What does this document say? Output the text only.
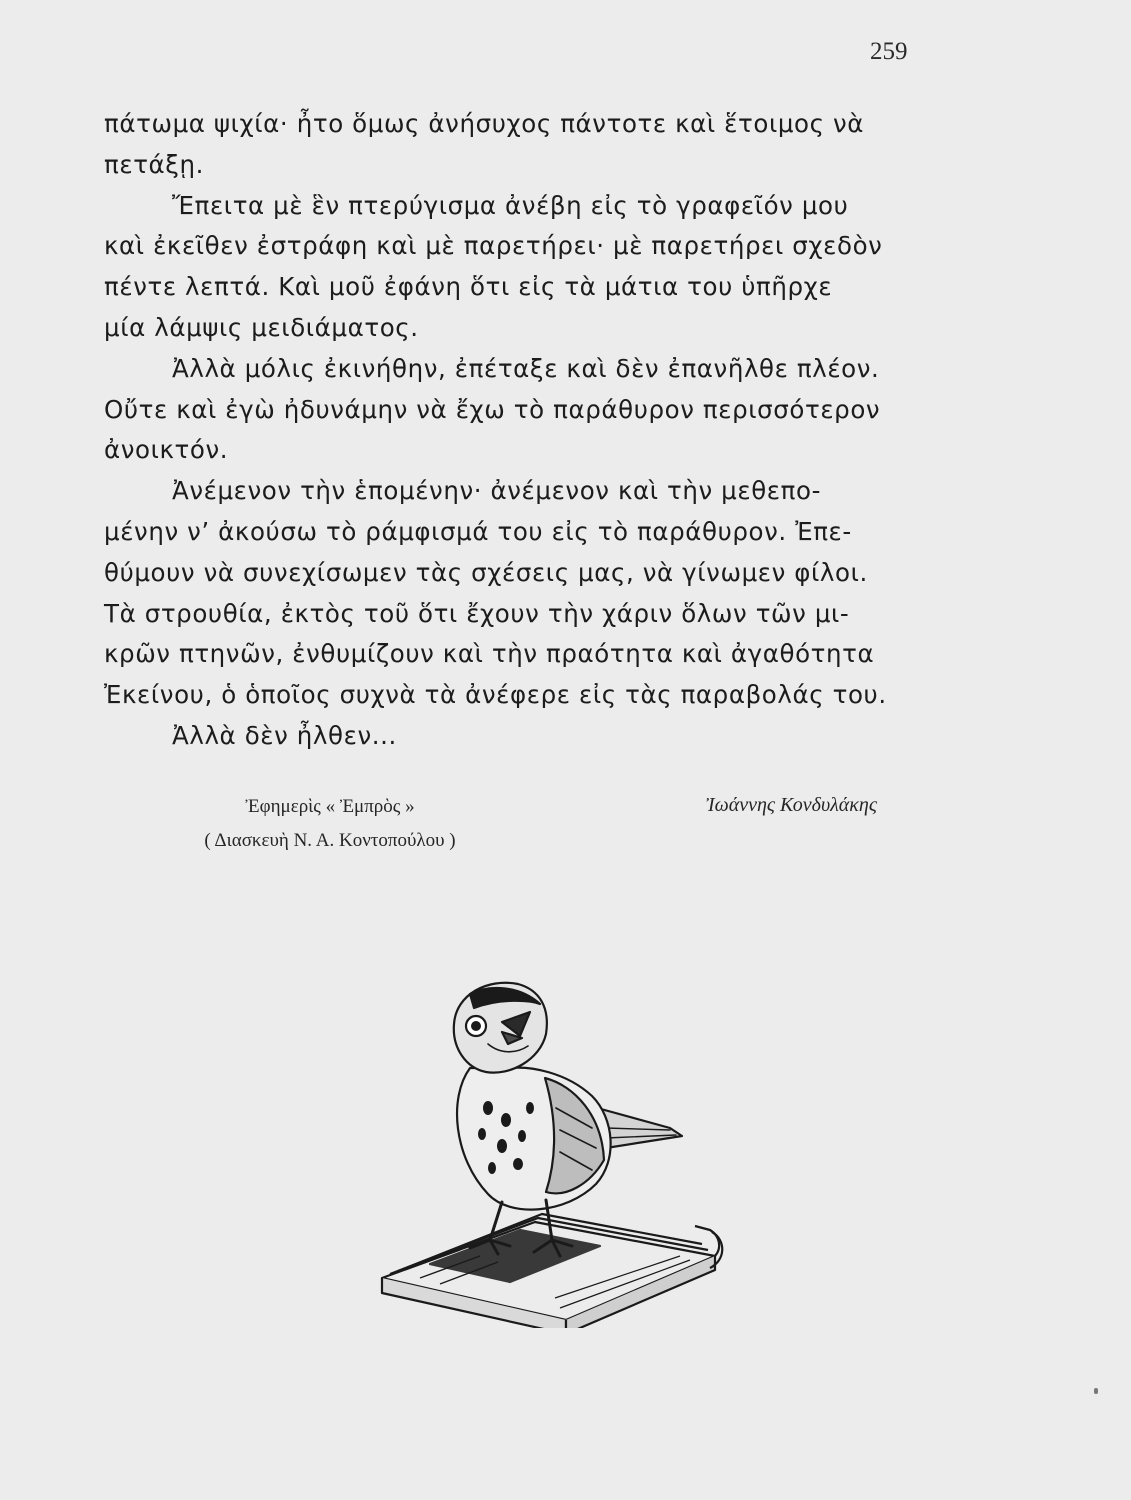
259
πάτωμα ψιχία· ἦτο ὅμως ἀνήσυχος πάντοτε καὶ ἕτοιμος νὰ
πετάξῃ.
Ἔπειτα μὲ ἓν πτερύγισμα ἀνέβη εἰς τὸ γραφεῖόν μου
καὶ ἐκεῖθεν ἐστράφη καὶ μὲ παρετήρει· μὲ παρετήρει σχεδὸν
πέντε λεπτά. Καὶ μοῦ ἐφάνη ὅτι εἰς τὰ μάτια του ὑπῆρχε
μία λάμψις μειδιάματος.
Ἀλλὰ μόλις ἐκινήθην, ἐπέταξε καὶ δὲν ἐπανῆλθε πλέον.
Οὔτε καὶ ἐγὼ ἠδυνάμην νὰ ἔχω τὸ παράθυρον περισσότερον
ἀνοικτόν.
Ἀνέμενον τὴν ἑπομένην· ἀνέμενον καὶ τὴν μεθεπο-
μένην ν’ ἀκούσω τὸ ράμφισμά του εἰς τὸ παράθυρον. Ἐπε-
θύμουν νὰ συνεχίσωμεν τὰς σχέσεις μας, νὰ γίνωμεν φίλοι.
Τὰ στρουθία, ἐκτὸς τοῦ ὅτι ἔχουν τὴν χάριν ὅλων τῶν μι-
κρῶν πτηνῶν, ἐνθυμίζουν καὶ τὴν πραότητα καὶ ἀγαθότητα
Ἐκείνου, ὁ ὁποῖος συχνὰ τὰ ἀνέφερε εἰς τὰς παραβολάς του.
Ἀλλὰ δὲν ἦλθεν...
Ἐφημερὶς « Ἐμπρὸς »
( Διασκευὴ Ν. Α. Κοντοπούλου )
Ἰωάννης Κονδυλάκης
